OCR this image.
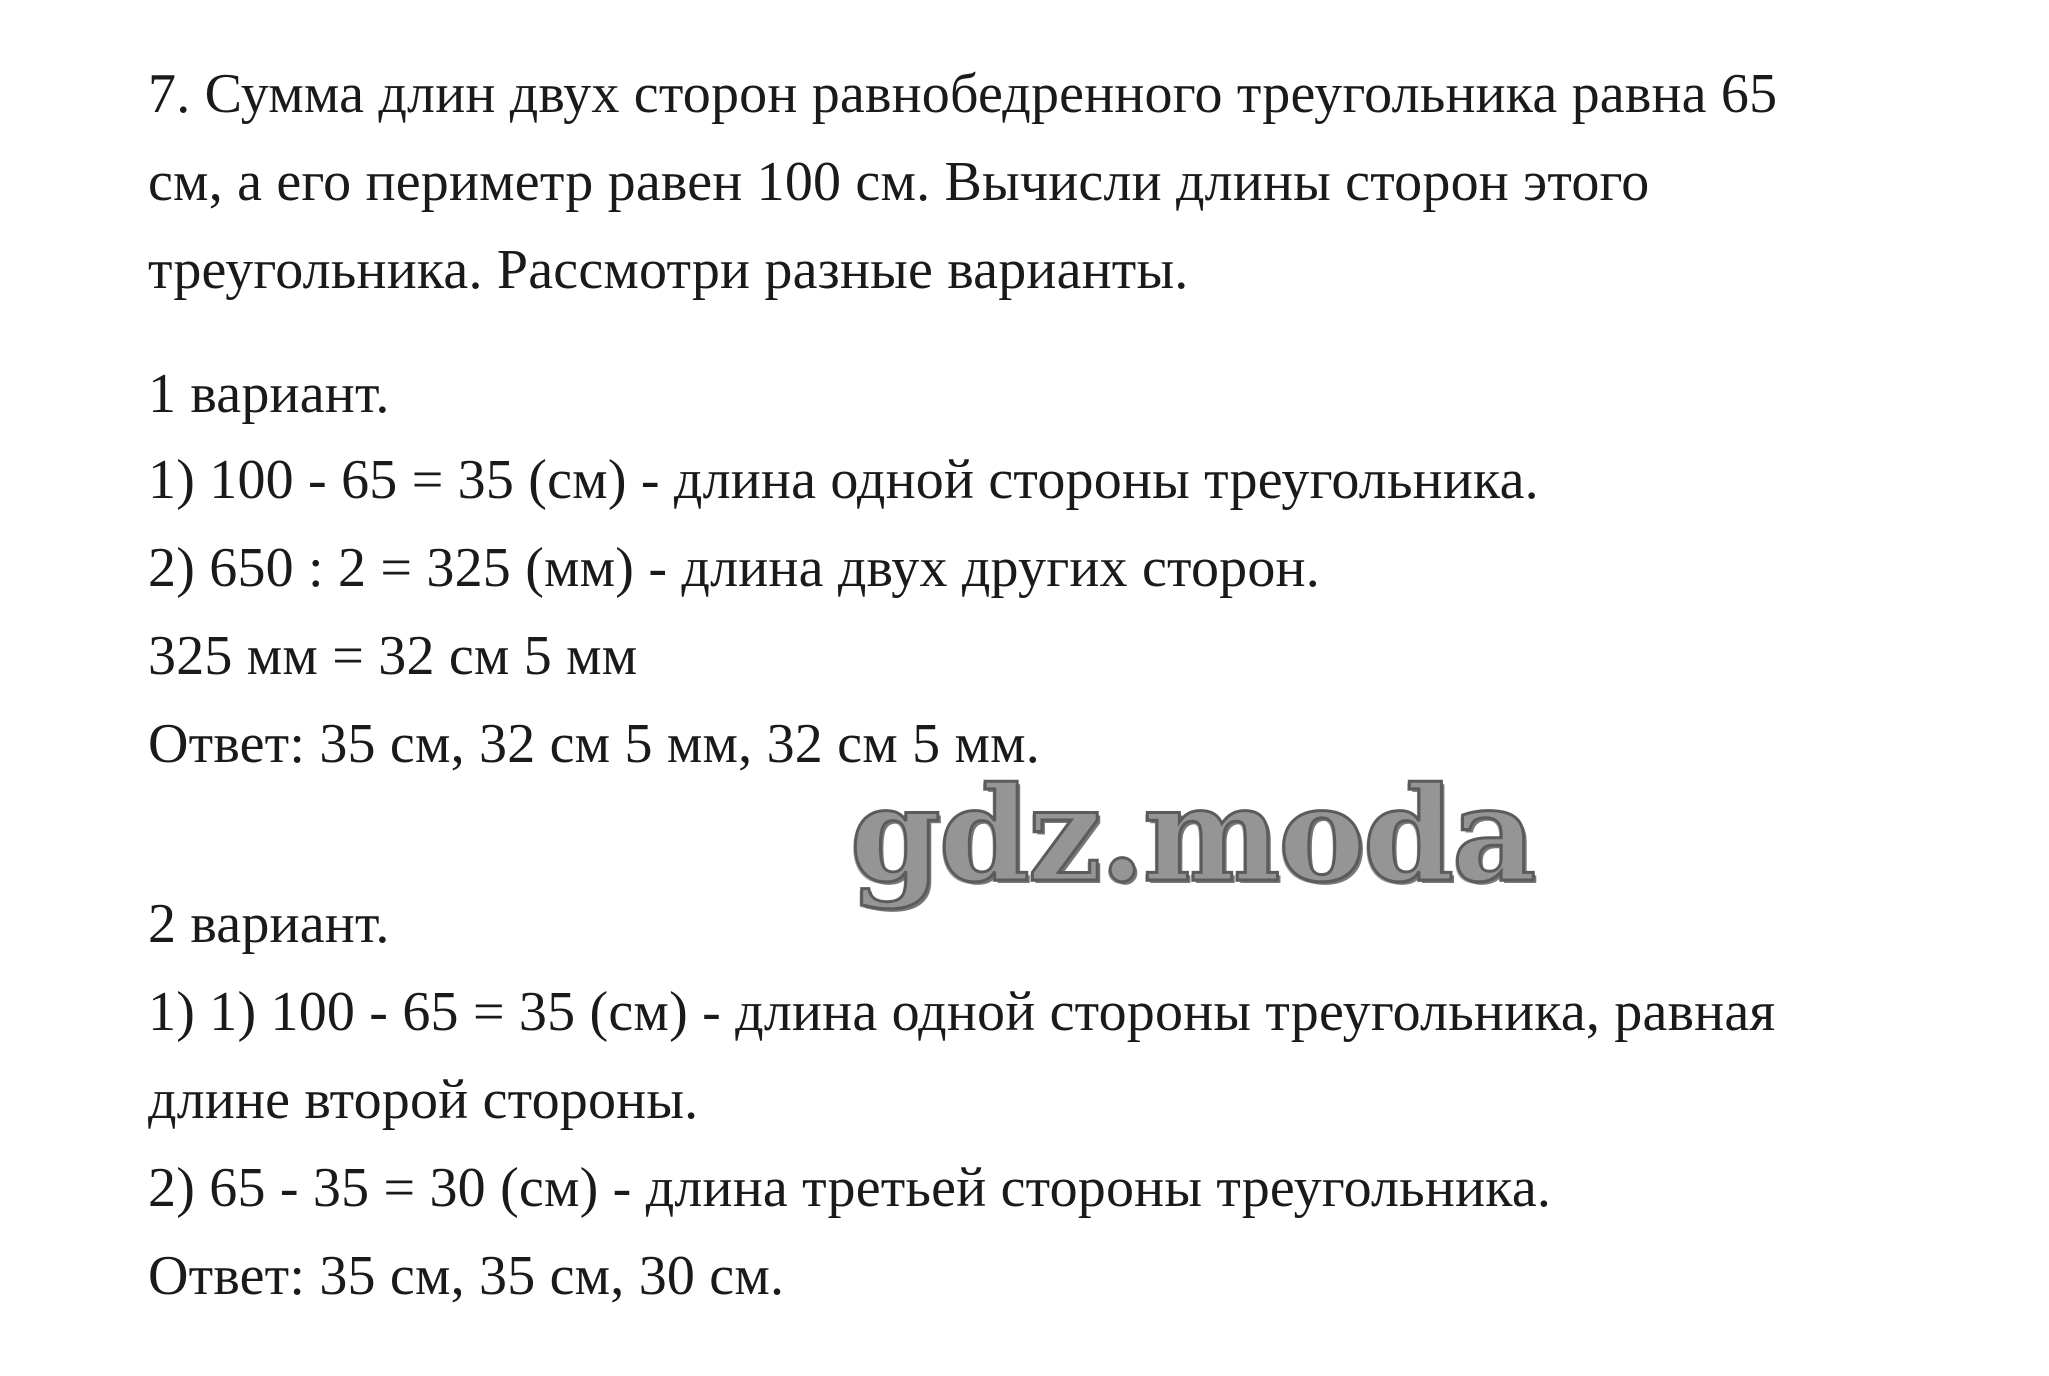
7. Сумма длин двух сторон равнобедренного треугольника равна 65
см, а его периметр равен 100 см. Вычисли длины сторон этого
треугольника. Рассмотри разные варианты.
1 вариант.
1) 100 - 65 = 35 (см) - длина одной стороны треугольника.
2) 650 : 2 = 325 (мм) - длина двух других сторон.
325 мм = 32 см 5 мм
Ответ: 35 см, 32 см 5 мм, 32 см 5 мм.
gdz.moda
2 вариант.
1) 1) 100 - 65 = 35 (см) - длина одной стороны треугольника, равная
длине второй стороны.
2) 65 - 35 = 30 (см) - длина третьей стороны треугольника.
Ответ: 35 см, 35 см, 30 см.
